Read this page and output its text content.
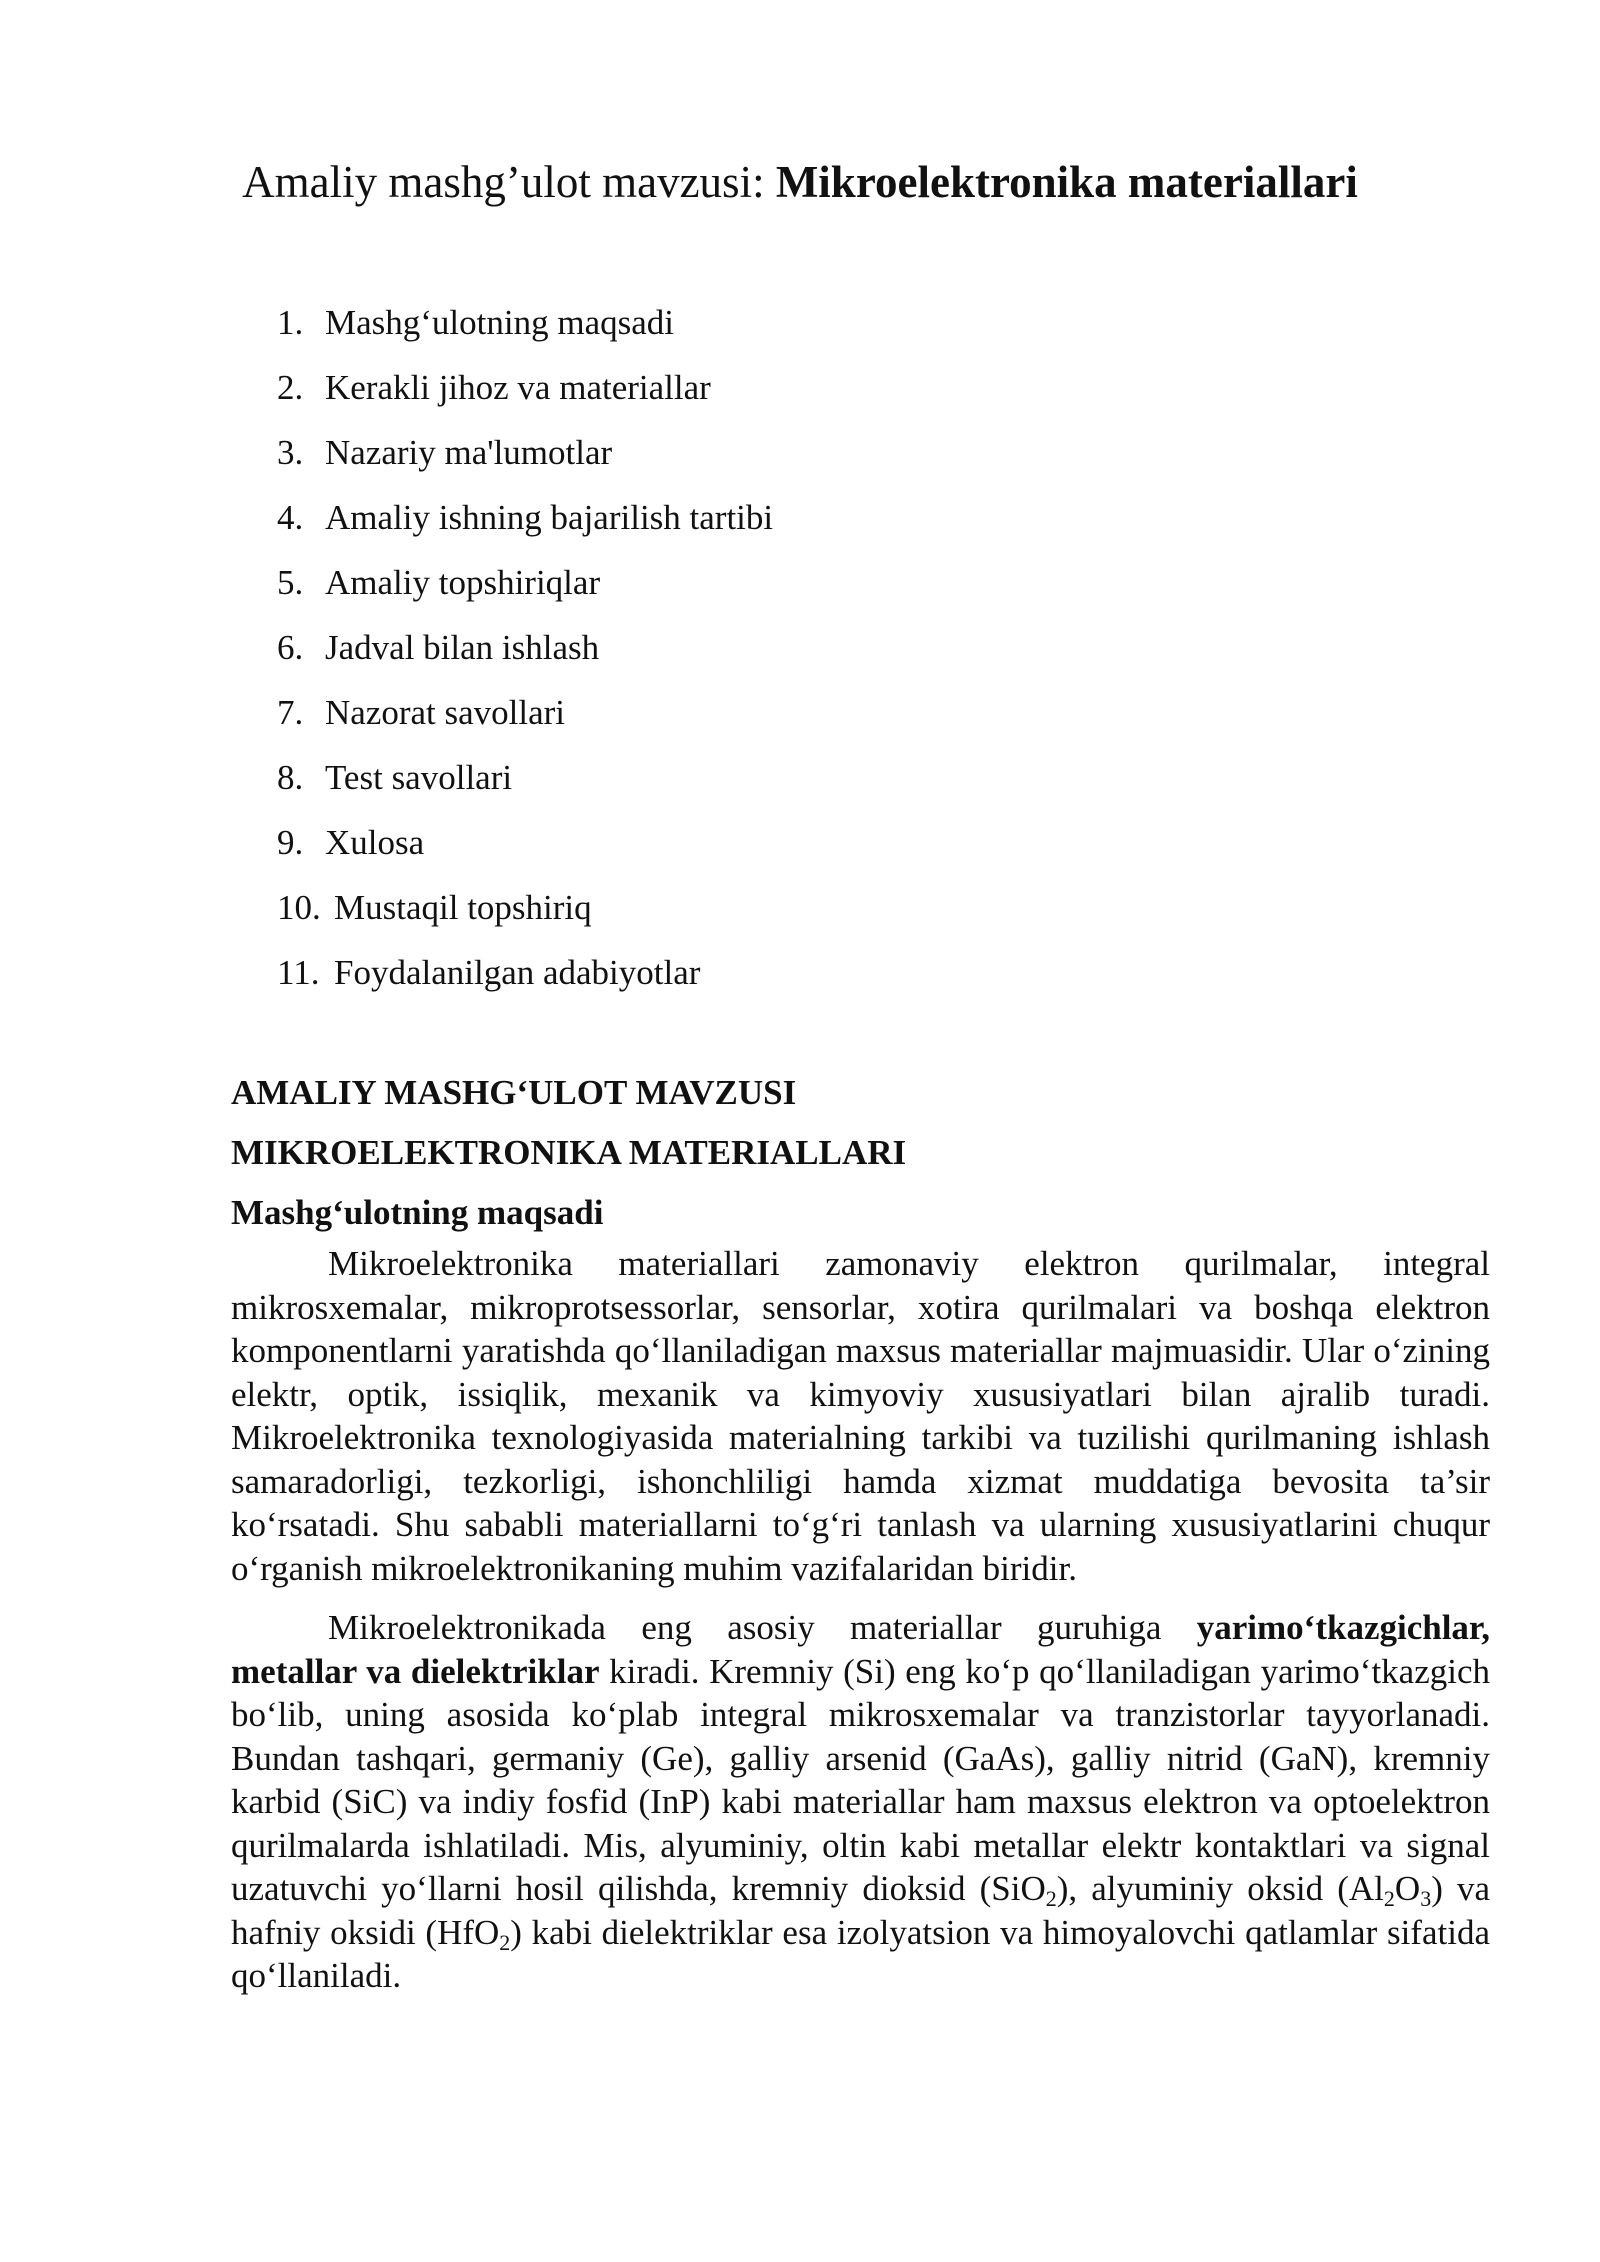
Amaliy mashg’ulot mavzusi: Mikroelektronika materiallari
1. Mashg‘ulotning maqsadi
2. Kerakli jihoz va materiallar
3. Nazariy ma'lumotlar
4. Amaliy ishning bajarilish tartibi
5. Amaliy topshiriqlar
6. Jadval bilan ishlash
7. Nazorat savollari
8. Test savollari
9. Xulosa
10. Mustaqil topshiriq
11. Foydalanilgan adabiyotlar

AMALIY MASHG‘ULOT MAVZUSI

MIKROELEKTRONIKA MATERIALLARI

Mashg‘ulotning maqsadi

Mikroelektronika materiallari zamonaviy elektron qurilmalar, integral mikrosxemalar, mikroprotsessorlar, sensorlar, xotira qurilmalari va boshqa elektron komponentlarni yaratishda qo‘llaniladigan maxsus materiallar majmuasidir. Ular o‘zining elektr, optik, issiqlik, mexanik va kimyoviy xususiyatlari bilan ajralib turadi. Mikroelektronika texnologiyasida materialning tarkibi va tuzilishi qurilmaning ishlash samaradorligi, tezkorligi, ishonchliligi hamda xizmat muddatiga bevosita ta’sir ko‘rsatadi. Shu sababli materiallarni to‘g‘ri tanlash va ularning xususiyatlarini chuqur o‘rganish mikroelektronikaning muhim vazifalaridan biridir.

Mikroelektronikada eng asosiy materiallar guruhiga yarimo‘tkazgichlar, metallar va dielektriklar kiradi. Kremniy (Si) eng ko‘p qo‘llaniladigan yarimo‘tkazgich bo‘lib, uning asosida ko‘plab integral mikrosxemalar va tranzistorlar tayyorlanadi. Bundan tashqari, germaniy (Ge), galliy arsenid (GaAs), galliy nitrid (GaN), kremniy karbid (SiC) va indiy fosfid (InP) kabi materiallar ham maxsus elektron va optoelektron qurilmalarda ishlatiladi. Mis, alyuminiy, oltin kabi metallar elektr kontaktlari va signal uzatuvchi yo‘llarni hosil qilishda, kremniy dioksid (SiO$_2$), alyuminiy oksid $(Al_2O_3)$ va hafniy oksidi (HfO$_2$) kabi dielektriklar esa izolyatsion va himoyalovchi qatlamlar sifatida qo‘llaniladi.
